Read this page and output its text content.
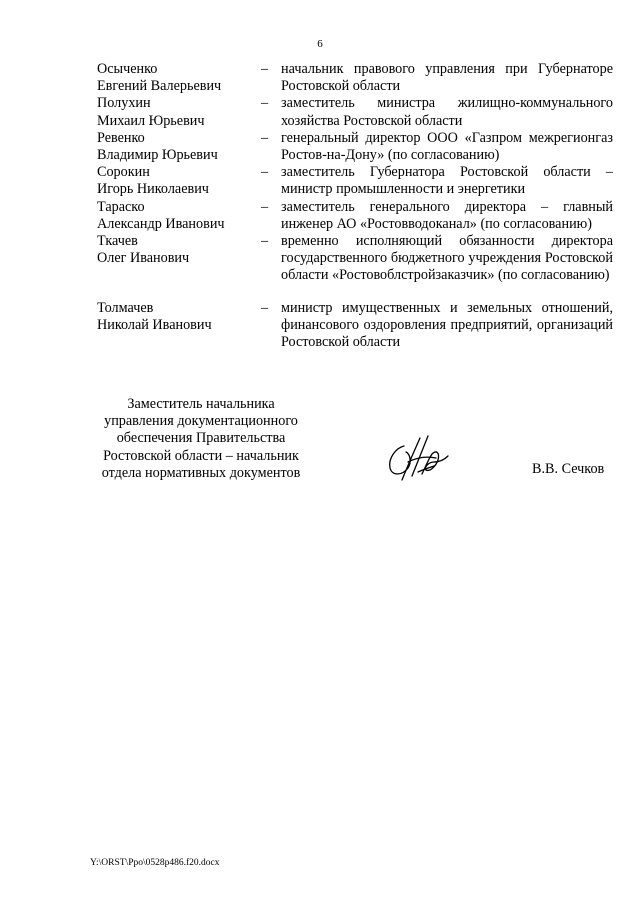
6
Осыченко
Евгений Валерьевич
– начальник правового управления при Губернаторе Ростовской области
Полухин
Михаил Юрьевич
– заместитель министра жилищно-коммунального хозяйства Ростовской области
Ревенко
Владимир Юрьевич
– генеральный директор ООО «Газпром межрегионгаз Ростов-на-Дону» (по согласованию)
Сорокин
Игорь Николаевич
– заместитель Губернатора Ростовской области – министр промышленности и энергетики
Тараско
Александр Иванович
– заместитель генерального директора – главный инженер АО «Ростовводоканал» (по согласованию)
Ткачев
Олег Иванович
– временно исполняющий обязанности директора государственного бюджетного учреждения Ростовской области «Ростовоблстройзаказчик» (по согласованию)
Толмачев
Николай Иванович
– министр имущественных и земельных отношений, финансового оздоровления предприятий, организаций Ростовской области
Заместитель начальника
управления документационного
обеспечения Правительства
Ростовской области – начальник
отдела нормативных документов	В.В. Сечков
Y:\ORST\Ppo\0528p486.f20.docx
